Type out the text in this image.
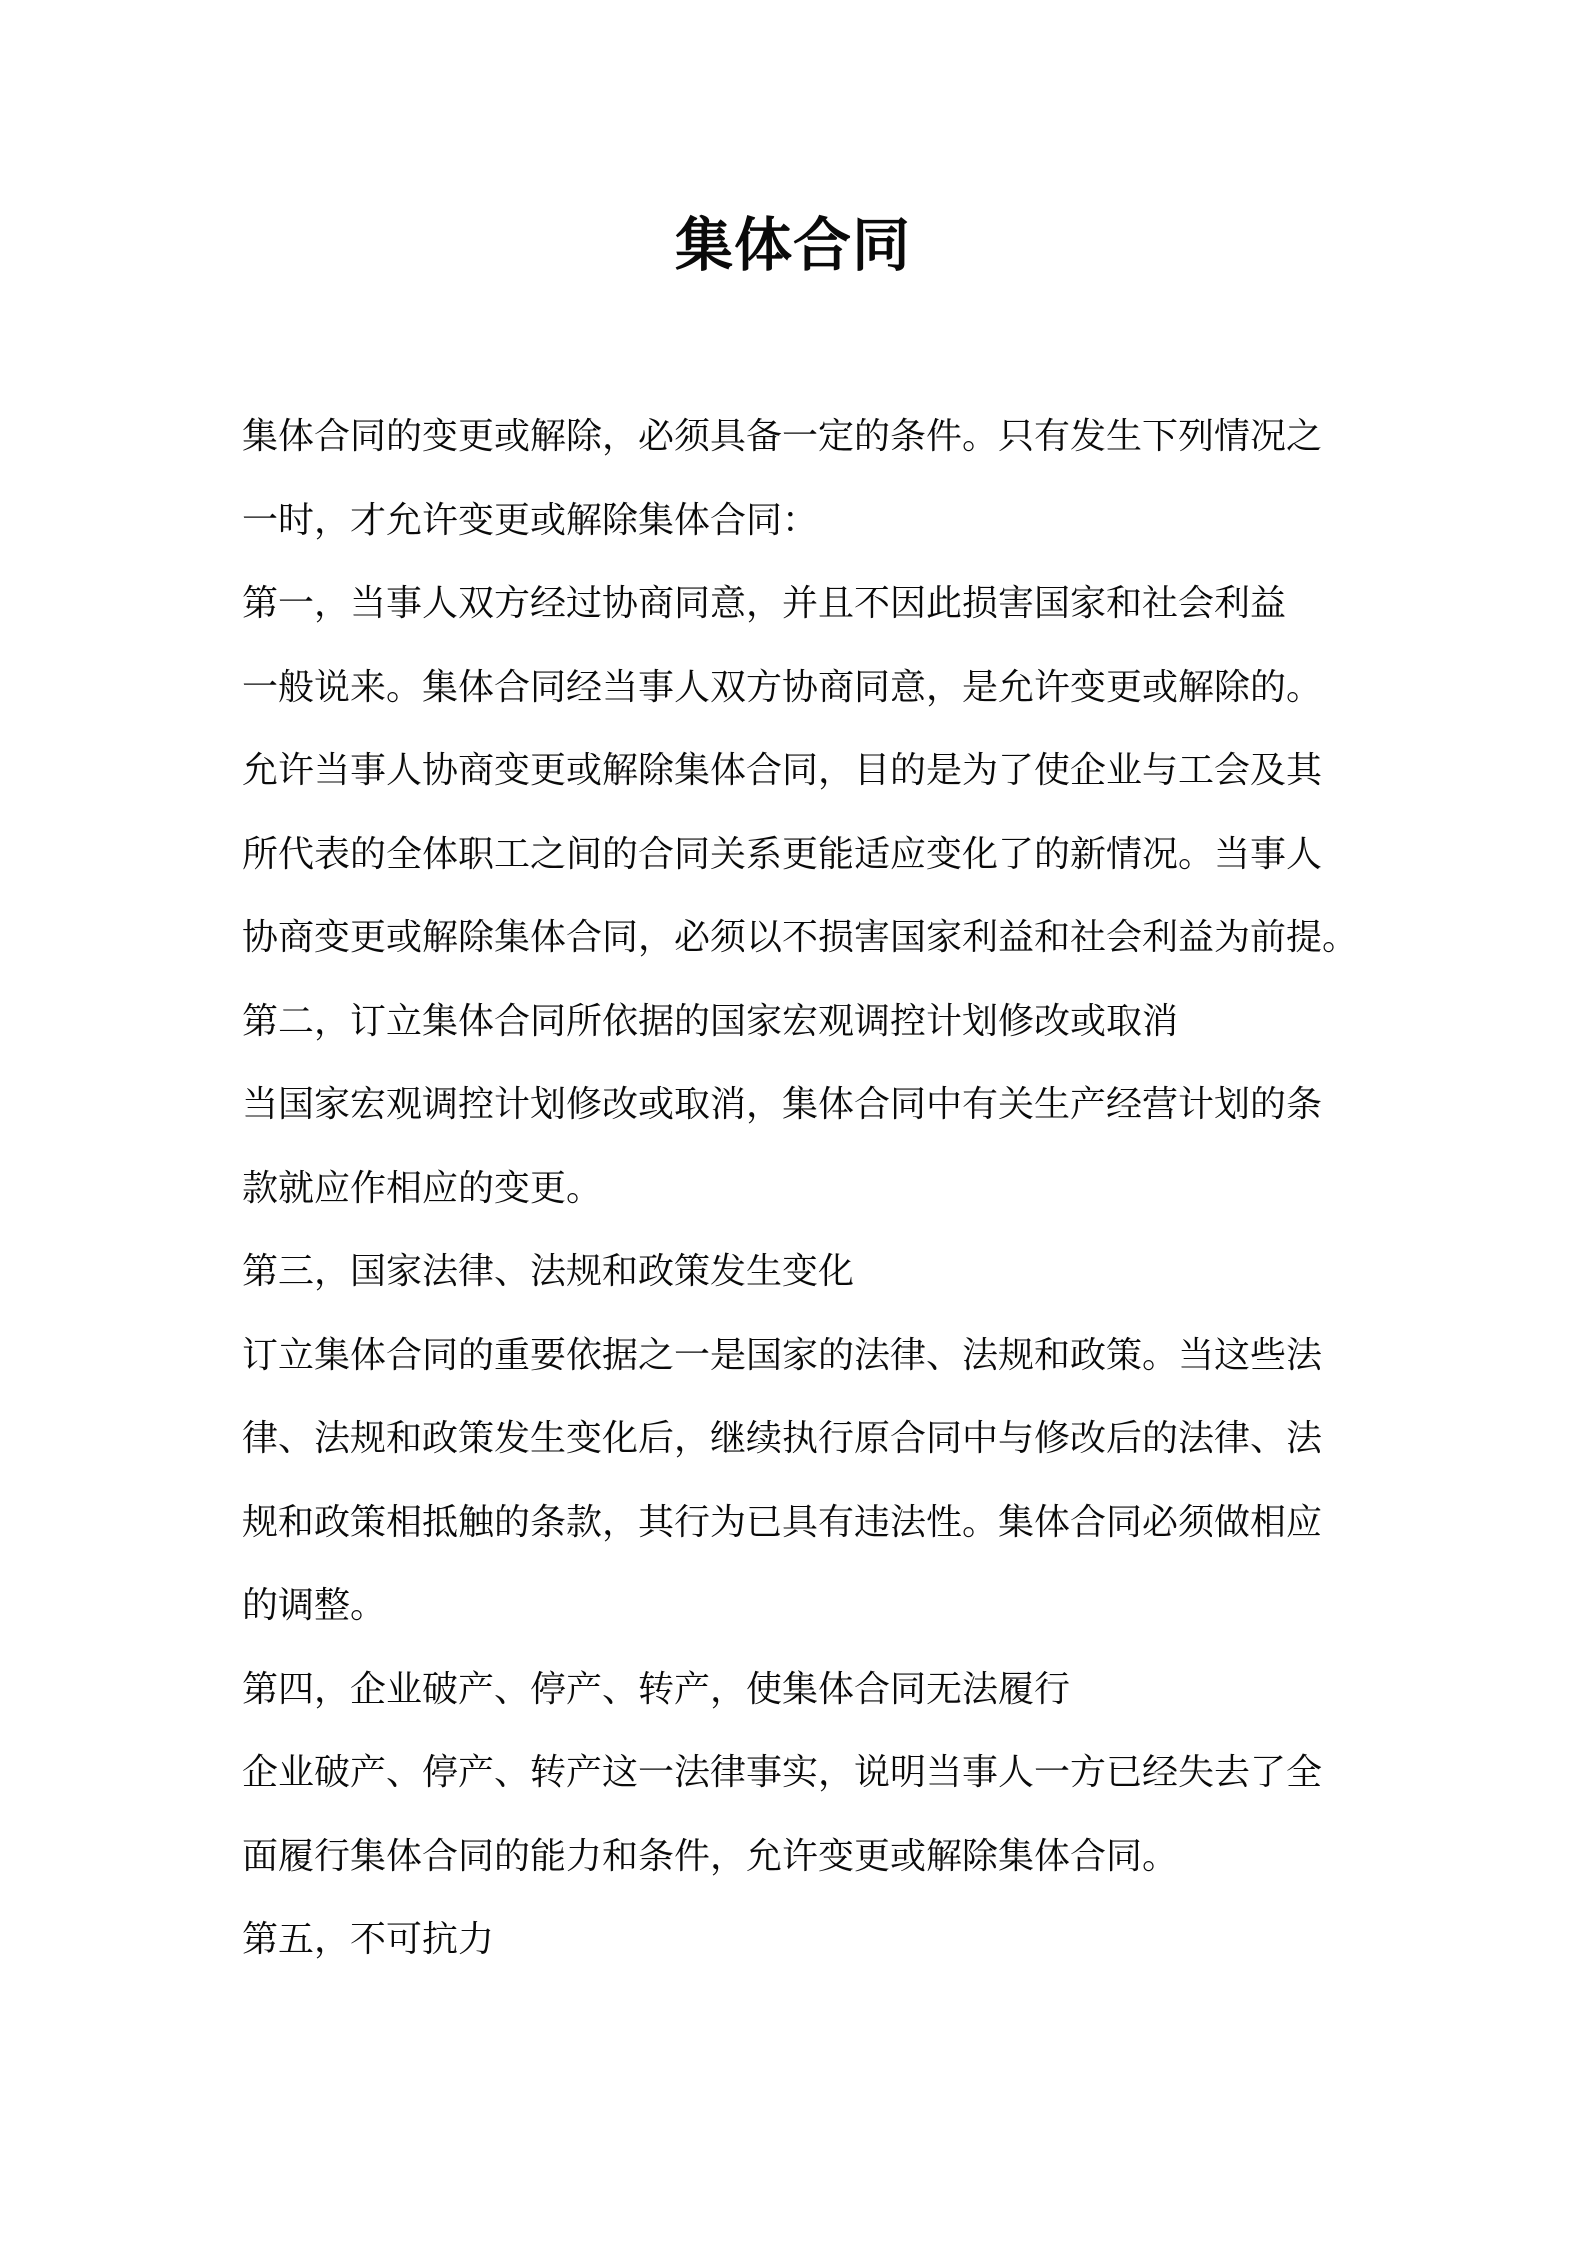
集体合同
集体合同的变更或解除，必须具备一定的条件。只有发生下列情况之
一时，才允许变更或解除集体合同：
第一，当事人双方经过协商同意，并且不因此损害国家和社会利益
一般说来。集体合同经当事人双方协商同意，是允许变更或解除的。
允许当事人协商变更或解除集体合同，目的是为了使企业与工会及其
所代表的全体职工之间的合同关系更能适应变化了的新情况。当事人
协商变更或解除集体合同，必须以不损害国家利益和社会利益为前提。
第二，订立集体合同所依据的国家宏观调控计划修改或取消
当国家宏观调控计划修改或取消，集体合同中有关生产经营计划的条
款就应作相应的变更。
第三，国家法律、法规和政策发生变化
订立集体合同的重要依据之一是国家的法律、法规和政策。当这些法
律、法规和政策发生变化后，继续执行原合同中与修改后的法律、法
规和政策相抵触的条款，其行为已具有违法性。集体合同必须做相应
的调整。
第四，企业破产、停产、转产，使集体合同无法履行
企业破产、停产、转产这一法律事实，说明当事人一方已经失去了全
面履行集体合同的能力和条件，允许变更或解除集体合同。
第五，不可抗力
